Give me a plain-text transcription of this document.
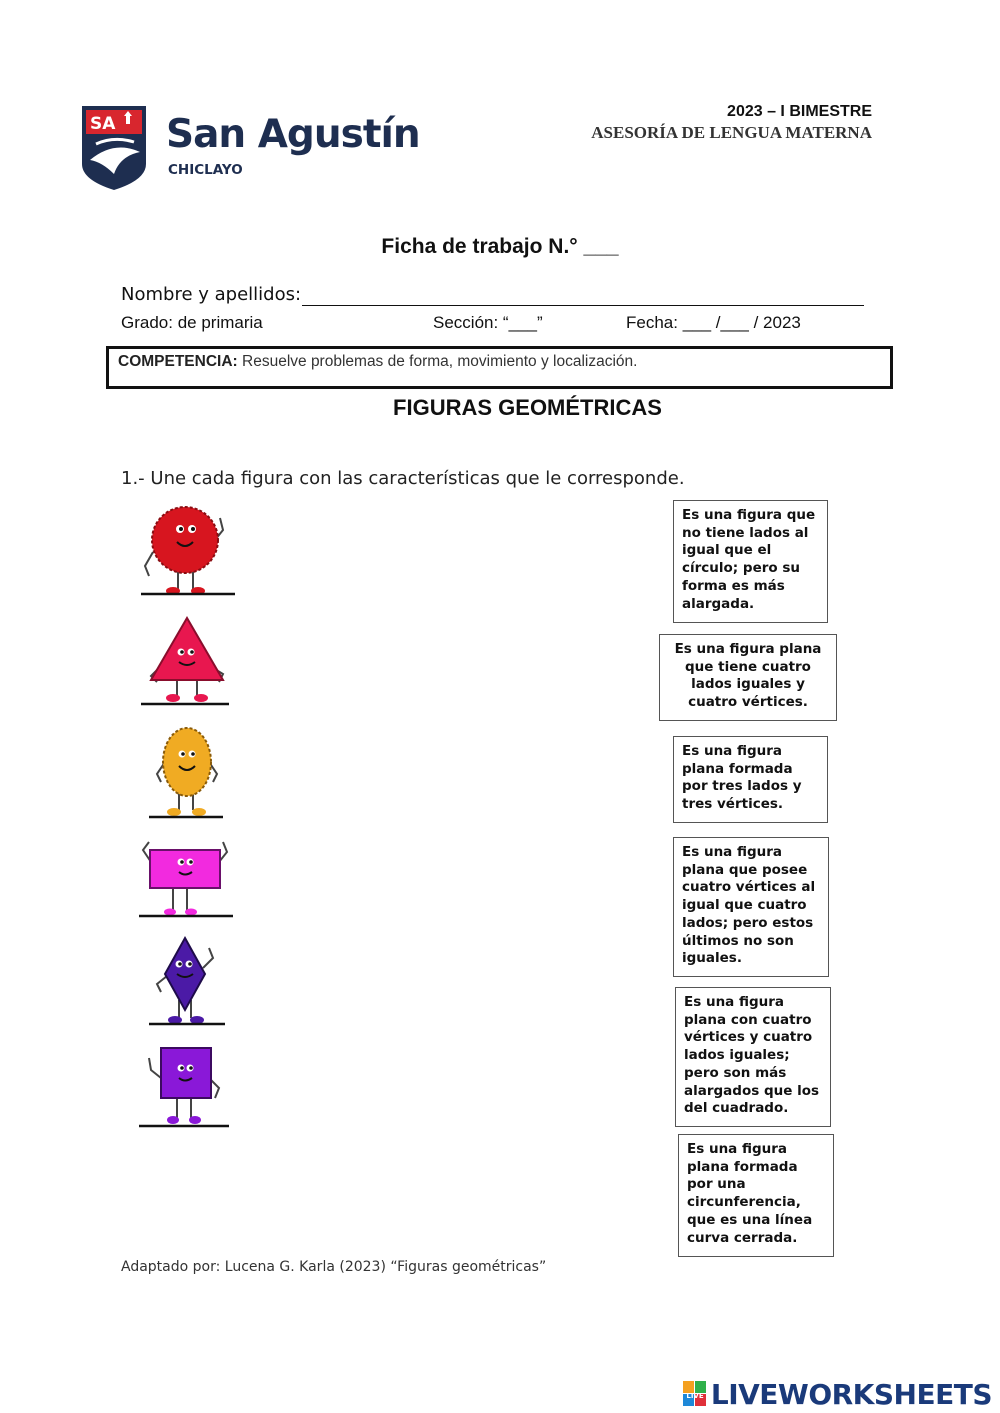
SA San Agustín
CHICLAYO
2023 – I BIMESTRE
ASESORÍA DE LENGUA MATERNA
Ficha de trabajo N.° ___
Nombre y apellidos:
Grado: de primaria	Sección: “___”	Fecha: ___ /___ / 2023
COMPETENCIA: Resuelve problemas de forma, movimiento y localización.
FIGURAS GEOMÉTRICAS
1.- Une cada figura con las características que le corresponde.
Es una figura que no tiene lados al igual que el círculo; pero su forma es más alargada.
Es una figura plana que tiene cuatro lados iguales y cuatro vértices.
Es una figura plana formada por tres lados y tres vértices.
Es una figura plana que posee cuatro vértices al igual que cuatro lados; pero estos últimos no son iguales.
Es una figura plana con cuatro vértices y cuatro lados iguales; pero son más alargados que los del cuadrado.
Es una figura plana formada por una circunferencia, que es una línea curva cerrada.
Adaptado por: Lucena G. Karla (2023) “Figuras geométricas”
LIVE LIVEWORKSHEETS
